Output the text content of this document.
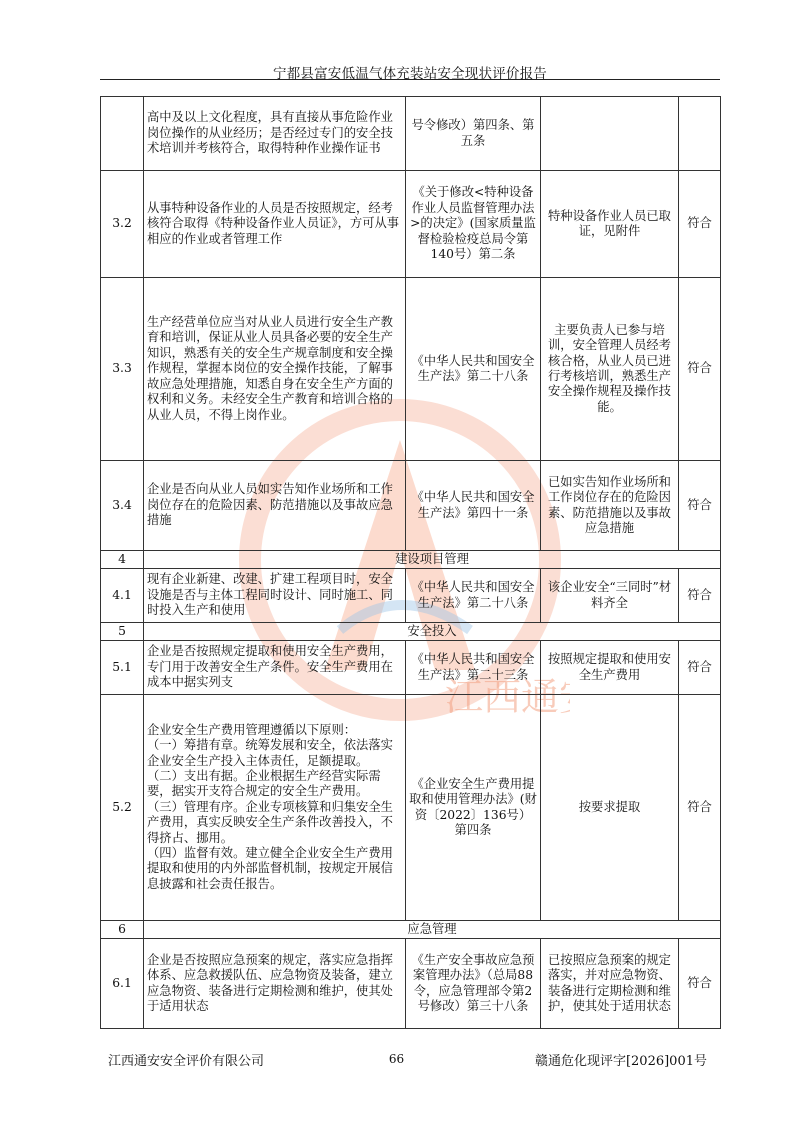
宁都县富安低温气体充装站安全现状评价报告
江西通
	高中及以上文化程度，具有直接从事危险作业岗位操作的从业经历；是否经过专门的安全技术培训并考核符合，取得特种作业操作证书	号令修改）第四条、第五条		
3.2	从事特种设备作业的人员是否按照规定，经考核符合取得《特种设备作业人员证》，方可从事相应的作业或者管理工作	《关于修改<特种设备作业人员监督管理办法>的决定》(国家质量监督检验检疫总局令第140号）第二条	特种设备作业人员已取证，见附件	符合
3.3	生产经营单位应当对从业人员进行安全生产教育和培训，保证从业人员具备必要的安全生产知识，熟悉有关的安全生产规章制度和安全操作规程，掌握本岗位的安全操作技能，了解事故应急处理措施，知悉自身在安全生产方面的权利和义务。未经安全生产教育和培训合格的从业人员，不得上岗作业。	《中华人民共和国安全生产法》第二十八条	主要负责人已参与培训，安全管理人员经考核合格，从业人员已进行考核培训，熟悉生产安全操作规程及操作技能。	符合
3.4	企业是否向从业人员如实告知作业场所和工作岗位存在的危险因素、防范措施以及事故应急措施	《中华人民共和国安全生产法》第四十一条	已如实告知作业场所和工作岗位存在的危险因素、防范措施以及事故应急措施	符合
4	建设项目管理			
4.1	现有企业新建、改建、扩建工程项目时，安全设施是否与主体工程同时设计、同时施工、同时投入生产和使用	《中华人民共和国安全生产法》第二十八条	该企业安全“三同时”材料齐全	符合
5	安全投入			
5.1	企业是否按照规定提取和使用安全生产费用，专门用于改善安全生产条件。安全生产费用在成本中据实列支	《中华人民共和国安全生产法》第二十三条	按照规定提取和使用安全生产费用	符合
5.2	企业安全生产费用管理遵循以下原则：
（一）筹措有章。统筹发展和安全，依法落实企业安全生产投入主体责任，足额提取。
（二）支出有据。企业根据生产经营实际需要，据实开支符合规定的安全生产费用。
（三）管理有序。企业专项核算和归集安全生产费用，真实反映安全生产条件改善投入，不得挤占、挪用。
（四）监督有效。建立健全企业安全生产费用提取和使用的内外部监督机制，按规定开展信息披露和社会责任报告。	《企业安全生产费用提取和使用管理办法》(财资〔2022〕136号）第四条	按要求提取	符合
6	应急管理			
6.1	企业是否按照应急预案的规定，落实应急指挥体系、应急救援队伍、应急物资及装备，建立应急物资、装备进行定期检测和维护，使其处于适用状态	《生产安全事故应急预案管理办法》（总局88令，应急管理部令第2号修改）第三十八条	已按照应急预案的规定落实，并对应急物资、装备进行定期检测和维护，使其处于适用状态	符合
江西通安安全评价有限公司	66	赣通危化现评字[2026]001号
